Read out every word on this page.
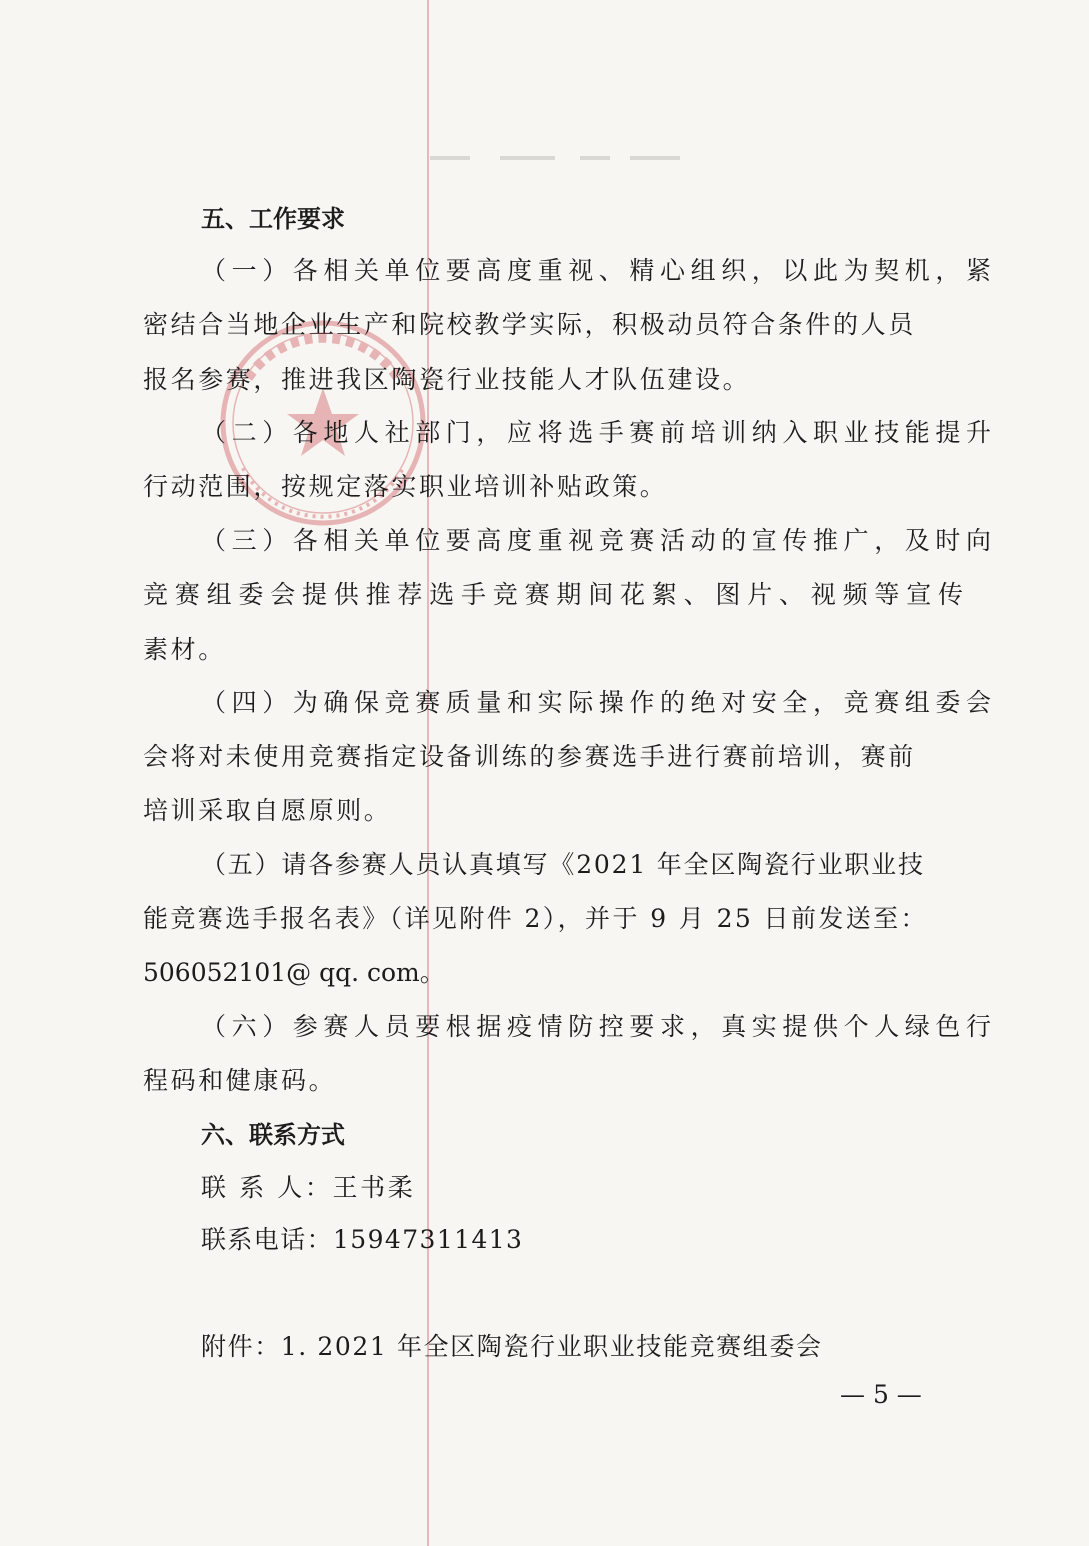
五、工作要求
（一）各相关单位要高度重视、精心组织，以此为契机，紧
密结合当地企业生产和院校教学实际，积极动员符合条件的人员
报名参赛，推进我区陶瓷行业技能人才队伍建设。
（二）各地人社部门，应将选手赛前培训纳入职业技能提升
行动范围，按规定落实职业培训补贴政策。
（三）各相关单位要高度重视竞赛活动的宣传推广，及时向
竞赛组委会提供推荐选手竞赛期间花絮、图片、视频等宣传
素材。
（四）为确保竞赛质量和实际操作的绝对安全，竞赛组委会
会将对未使用竞赛指定设备训练的参赛选手进行赛前培训，赛前
培训采取自愿原则。
（五）请各参赛人员认真填写《2021 年全区陶瓷行业职业技
能竞赛选手报名表》（详见附件 2），并于 9 月 25 日前发送至：
506052101@ qq. com。
（六）参赛人员要根据疫情防控要求，真实提供个人绿色行
程码和健康码。
六、联系方式
联 系 人：王书柔
联系电话：15947311413
附件：1. 2021 年全区陶瓷行业职业技能竞赛组委会
— 5 —
